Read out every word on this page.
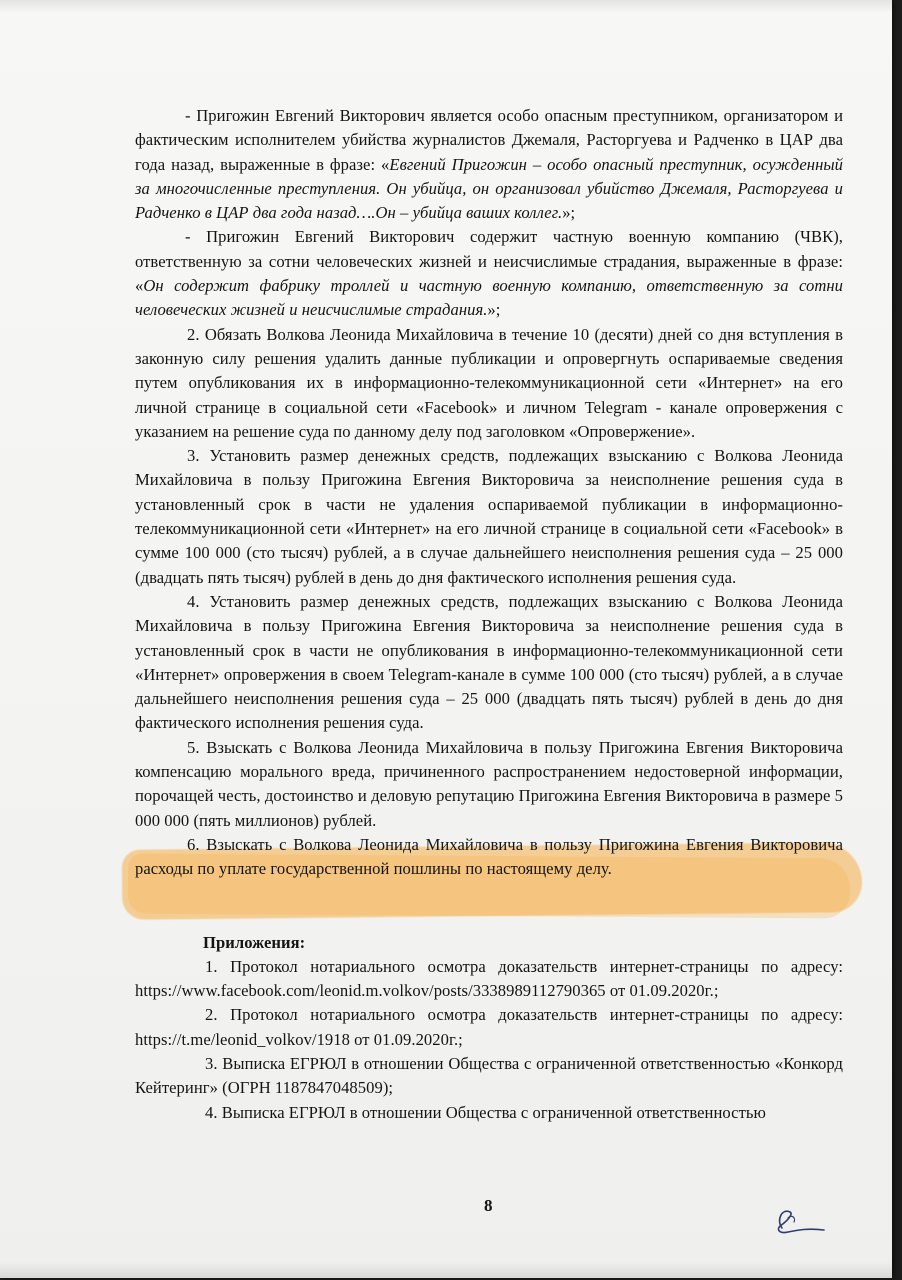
- Пригожин Евгений Викторович является особо опасным преступником, организатором и фактическим исполнителем убийства журналистов Джемаля, Расторгуева и Радченко в ЦАР два года назад, выраженные в фразе: «Евгений Пригожин – особо опасный преступник, осужденный за многочисленные преступления. Он убийца, он организовал убийство Джемаля, Расторгуева и Радченко в ЦАР два года назад….Он – убийца ваших коллег.»;

- Пригожин Евгений Викторович содержит частную военную компанию (ЧВК), ответственную за сотни человеческих жизней и неисчислимые страдания, выраженные в фразе: «Он содержит фабрику троллей и частную военную компанию, ответственную за сотни человеческих жизней и неисчислимые страдания.»;

2. Обязать Волкова Леонида Михайловича в течение 10 (десяти) дней со дня вступления в законную силу решения удалить данные публикации и опровергнуть оспариваемые сведения путем опубликования их в информационно-телекоммуникационной сети «Интернет» на его личной странице в социальной сети «Facebook» и личном Telegram - канале опровержения с указанием на решение суда по данному делу под заголовком «Опровержение».

3. Установить размер денежных средств, подлежащих взысканию с Волкова Леонида Михайловича в пользу Пригожина Евгения Викторовича за неисполнение решения суда в установленный срок в части не удаления оспариваемой публикации в информационно-телекоммуникационной сети «Интернет» на его личной странице в социальной сети «Facebook» в сумме 100 000 (сто тысяч) рублей, а в случае дальнейшего неисполнения решения суда – 25 000 (двадцать пять тысяч) рублей в день до дня фактического исполнения решения суда.

4. Установить размер денежных средств, подлежащих взысканию с Волкова Леонида Михайловича в пользу Пригожина Евгения Викторовича за неисполнение решения суда в установленный срок в части не опубликования в информационно-телекоммуникационной сети «Интернет» опровержения в своем Telegram-канале в сумме 100 000 (сто тысяч) рублей, а в случае дальнейшего неисполнения решения суда – 25 000 (двадцать пять тысяч) рублей в день до дня фактического исполнения решения суда.

5. Взыскать с Волкова Леонида Михайловича в пользу Пригожина Евгения Викторовича компенсацию морального вреда, причиненного распространением недостоверной информации, порочащей честь, достоинство и деловую репутацию Пригожина Евгения Викторовича в размере 5 000 000 (пять миллионов) рублей.

6. Взыскать с Волкова Леонида Михайловича в пользу Пригожина Евгения Викторовича расходы по уплате государственной пошлины по настоящему делу.

Приложения:

1. Протокол нотариального осмотра доказательств интернет-страницы по адресу: https://www.facebook.com/leonid.m.volkov/posts/3338989112790365 от 01.09.2020г.;

2. Протокол нотариального осмотра доказательств интернет-страницы по адресу: https://t.me/leonid_volkov/1918 от 01.09.2020г.;

3. Выписка ЕГРЮЛ в отношении Общества с ограниченной ответственностью «Конкорд Кейтеринг» (ОГРН 1187847048509);

4. Выписка ЕГРЮЛ в отношении Общества с ограниченной ответственностью

8
